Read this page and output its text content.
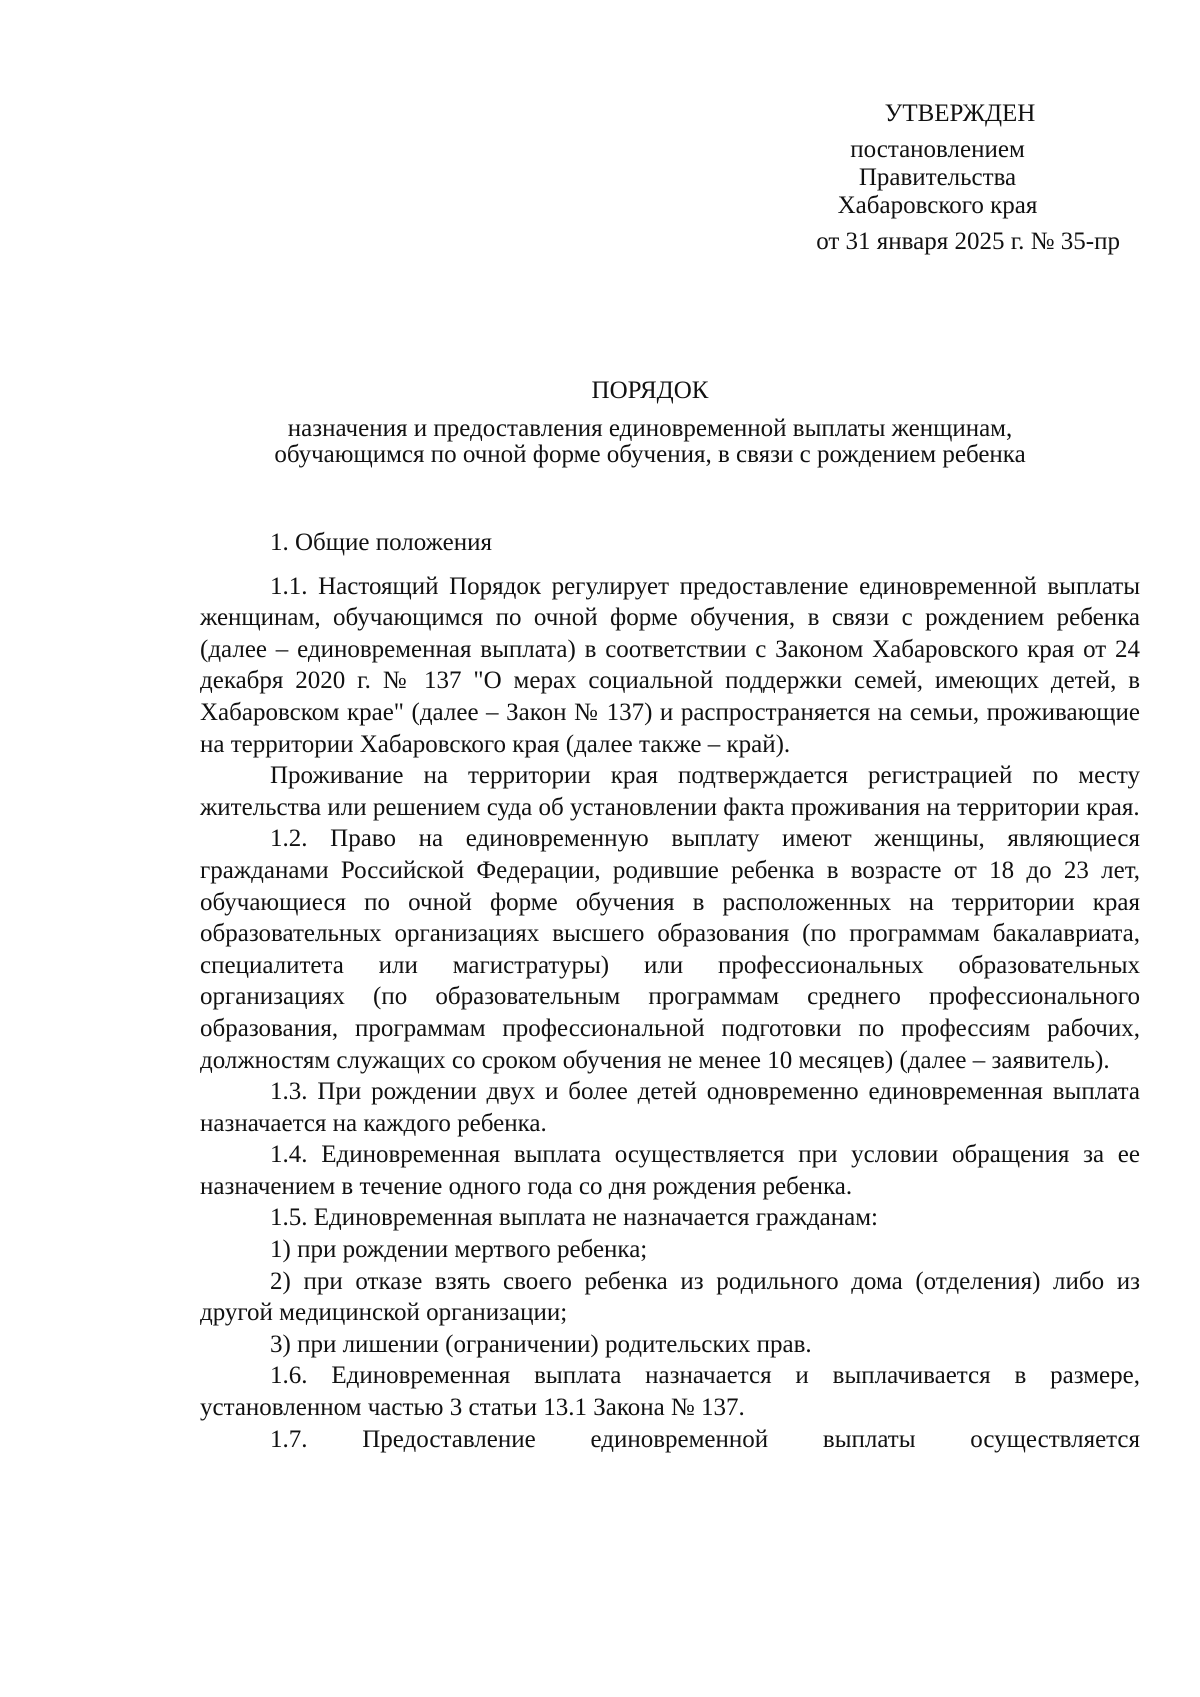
УТВЕРЖДЕН
постановлением
Правительства
Хабаровского края
от 31 января 2025 г. № 35-пр
ПОРЯДОК
назначения и предоставления единовременной выплаты женщинам,
обучающимся по очной форме обучения, в связи с рождением ребенка

1. Общие положения

1.1. Настоящий Порядок регулирует предоставление единовременной выплаты женщинам, обучающимся по очной форме обучения, в связи с рождением ребенка (далее – единовременная выплата) в соответствии с Законом Хабаровского края от 24 декабря 2020 г. № 137 "О мерах социальной поддержки семей, имеющих детей, в Хабаровском крае" (далее – Закон № 137) и распространяется на семьи, проживающие на территории Хабаровского края (далее также – край).

Проживание на территории края подтверждается регистрацией по месту жительства или решением суда об установлении факта проживания на территории края.

1.2. Право на единовременную выплату имеют женщины, являющиеся гражданами Российской Федерации, родившие ребенка в возрасте от 18 до 23 лет, обучающиеся по очной форме обучения в расположенных на территории края образовательных организациях высшего образования (по программам бакалавриата, специалитета или магистратуры) или профессиональных образовательных организациях (по образовательным программам среднего профессионального образования, программам профессиональной подготовки по профессиям рабочих, должностям служащих со сроком обучения не менее 10 месяцев) (далее – заявитель).

1.3. При рождении двух и более детей одновременно единовременная выплата назначается на каждого ребенка.

1.4. Единовременная выплата осуществляется при условии обращения за ее назначением в течение одного года со дня рождения ребенка.

1.5. Единовременная выплата не назначается гражданам:

1) при рождении мертвого ребенка;

2) при отказе взять своего ребенка из родильного дома (отделения) либо из другой медицинской организации;

3) при лишении (ограничении) родительских прав.

1.6. Единовременная выплата назначается и выплачивается в размере, установленном частью 3 статьи 13.1 Закона № 137.

1.7. Предоставление единовременной выплаты осуществляется
